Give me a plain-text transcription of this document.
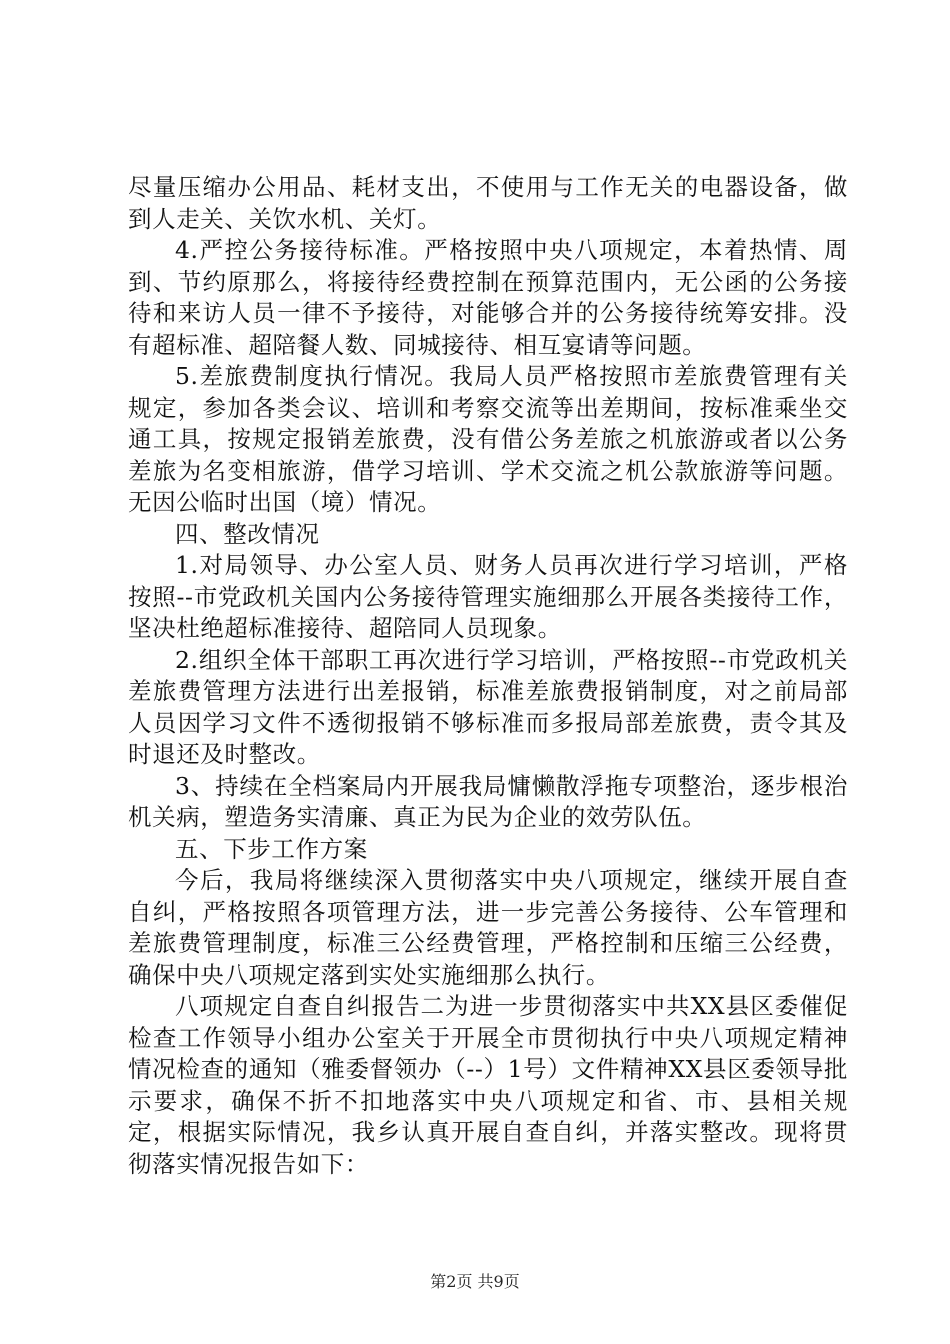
尽量压缩办公用品、耗材支出，不使用与工作无关的电器设备，做到人走关、关饮水机、关灯。

4.严控公务接待标准。严格按照中央八项规定，本着热情、周到、节约原那么，将接待经费控制在预算范围内，无公函的公务接待和来访人员一律不予接待，对能够合并的公务接待统筹安排。没有超标准、超陪餐人数、同城接待、相互宴请等问题。

5.差旅费制度执行情况。我局人员严格按照市差旅费管理有关规定，参加各类会议、培训和考察交流等出差期间，按标准乘坐交通工具，按规定报销差旅费，没有借公务差旅之机旅游或者以公务差旅为名变相旅游，借学习培训、学术交流之机公款旅游等问题。无因公临时出国（境）情况。

四、整改情况

1.对局领导、办公室人员、财务人员再次进行学习培训，严格按照--市党政机关国内公务接待管理实施细那么开展各类接待工作，坚决杜绝超标准接待、超陪同人员现象。

2.组织全体干部职工再次进行学习培训，严格按照--市党政机关差旅费管理方法进行出差报销，标准差旅费报销制度，对之前局部人员因学习文件不透彻报销不够标准而多报局部差旅费，责令其及时退还及时整改。

3、持续在全档案局内开展我局慵懒散浮拖专项整治，逐步根治机关病，塑造务实清廉、真正为民为企业的效劳队伍。

五、下步工作方案

今后，我局将继续深入贯彻落实中央八项规定，继续开展自查自纠，严格按照各项管理方法，进一步完善公务接待、公车管理和差旅费管理制度，标准三公经费管理，严格控制和压缩三公经费，确保中央八项规定落到实处实施细那么执行。

八项规定自查自纠报告二为进一步贯彻落实中共XX县区委催促检查工作领导小组办公室关于开展全市贯彻执行中央八项规定精神情况检查的通知（雅委督领办（--）1号）文件精神XX县区委领导批示要求，确保不折不扣地落实中央八项规定和省、市、县相关规定，根据实际情况，我乡认真开展自查自纠，并落实整改。现将贯彻落实情况报告如下：

第2页 共9页
